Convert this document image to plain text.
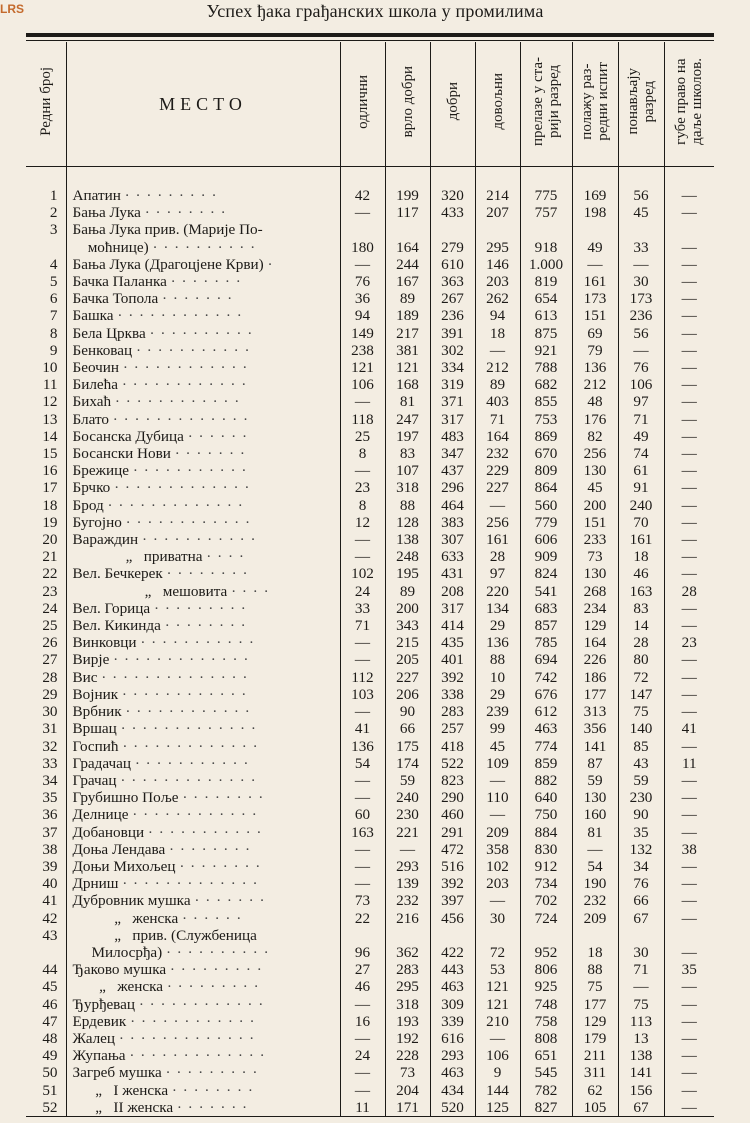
LRS	Успех ђака грађанских школа у промилима
Редни број	МЕСТО	одлични	врло добри	добри	довољни	прелазе у ста-
рији разред	полажу раз-
редни испит	понављају
разред	губе право на
даље школов.

1	Апатин · · · · · · · · ·	42	199	320	214	775	169	56	—
2	Бања Лука · · · · · · · ·	—	117	433	207	757	198	45	—
3	Бања Лука прив. (Марије По-								
	моћнице) · · · · · · · · · ·	180	164	279	295	918	49	33	—
4	Бања Лука (Драгоцјене Крви) ·	—	244	610	146	1.000	—	—	—
5	Бачка Паланка · · · · · · ·	76	167	363	203	819	161	30	—
6	Бачка Топола · · · · · · ·	36	89	267	262	654	173	173	—
7	Башка · · · · · · · · · · · ·	94	189	236	94	613	151	236	—
8	Бела Црква · · · · · · · · · ·	149	217	391	18	875	69	56	—
9	Бенковац · · · · · · · · · · ·	238	381	302	—	921	79	—	—
10	Беочин · · · · · · · · · · · ·	121	121	334	212	788	136	76	—
11	Билећа · · · · · · · · · · · ·	106	168	319	89	682	212	106	—
12	Бихаћ · · · · · · · · · · · ·	—	81	371	403	855	48	97	—
13	Блато · · · · · · · · · · · · ·	118	247	317	71	753	176	71	—
14	Босанска Дубица · · · · · ·	25	197	483	164	869	82	49	—
15	Босански Нови · · · · · · ·	8	83	347	232	670	256	74	—
16	Брежице · · · · · · · · · · ·	—	107	437	229	809	130	61	—
17	Брчко · · · · · · · · · · · · ·	23	318	296	227	864	45	91	—
18	Брод · · · · · · · · · · · · ·	8	88	464	—	560	200	240	—
19	Бугојно · · · · · · · · · · · ·	12	128	383	256	779	151	70	—
20	Вараждин · · · · · · · · · · ·	—	138	307	161	606	233	161	—
21	„   приватна · · · ·	—	248	633	28	909	73	18	—
22	Вел. Бечкерек · · · · · · · ·	102	195	431	97	824	130	46	—
23	„   мешовита · · · ·	24	89	208	220	541	268	163	28
24	Вел. Горица · · · · · · · · ·	33	200	317	134	683	234	83	—
25	Вел. Кикинда · · · · · · · ·	71	343	414	29	857	129	14	—
26	Винковци · · · · · · · · · · ·	—	215	435	136	785	164	28	23
27	Вирје · · · · · · · · · · · · ·	—	205	401	88	694	226	80	—
28	Вис · · · · · · · · · · · · · ·	112	227	392	10	742	186	72	—
29	Војник · · · · · · · · · · · ·	103	206	338	29	676	177	147	—
30	Врбник · · · · · · · · · · · ·	—	90	283	239	612	313	75	—
31	Вршац · · · · · · · · · · · · ·	41	66	257	99	463	356	140	41
32	Госпић · · · · · · · · · · · · ·	136	175	418	45	774	141	85	—
33	Градачац · · · · · · · · · · ·	54	174	522	109	859	87	43	11
34	Грачац · · · · · · · · · · · · ·	—	59	823	—	882	59	59	—
35	Грубишно Поље · · · · · · · ·	—	240	290	110	640	130	230	—
36	Делнице · · · · · · · · · · · ·	60	230	460	—	750	160	90	—
37	Добановци · · · · · · · · · · ·	163	221	291	209	884	81	35	—
38	Доња Лендава · · · · · · · ·	—	—	472	358	830	—	132	38
39	Доњи Михољец · · · · · · · ·	—	293	516	102	912	54	34	—
40	Дрниш · · · · · · · · · · · · ·	—	139	392	203	734	190	76	—
41	Дубровник мушка · · · · · · ·	73	232	397	—	702	232	66	—
42	„   женска · · · · · ·	22	216	456	30	724	209	67	—
43	„   прив. (Службеница								
	Милосрђа) · · · · · · · · · ·	96	362	422	72	952	18	30	—
44	Ђаково мушка · · · · · · · · ·	27	283	443	53	806	88	71	35
45	„   женска · · · · · · · · ·	46	295	463	121	925	75	—	—
46	Ђурђевац · · · · · · · · · · · ·	—	318	309	121	748	177	75	—
47	Ердевик · · · · · · · · · · · ·	16	193	339	210	758	129	113	—
48	Жалец · · · · · · · · · · · · ·	—	192	616	—	808	179	13	—
49	Жупања · · · · · · · · · · · · ·	24	228	293	106	651	211	138	—
50	Загреб мушка · · · · · · · · ·	—	73	463	9	545	311	141	—
51	„   I женска · · · · · · · ·	—	204	434	144	782	62	156	—
52	„   II женска · · · · · · ·	11	171	520	125	827	105	67	—
